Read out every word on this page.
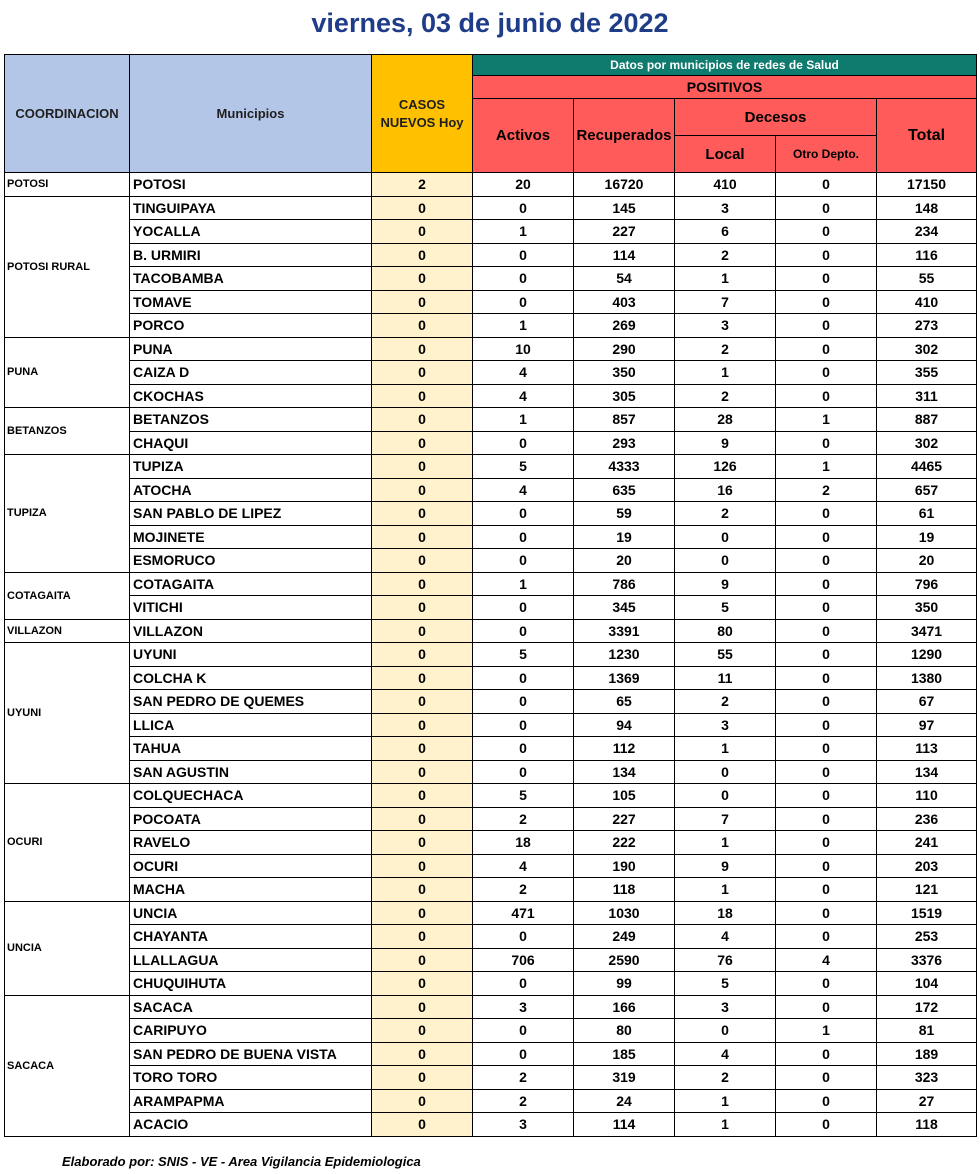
viernes, 03 de junio de 2022
COORDINACION	Municipios	CASOS NUEVOS Hoy	Datos por municipios de redes de Salud				
			POSITIVOS				
			Activos	Recuperados	Decesos		Total
					Local	Otro Depto.	
POTOSI	POTOSI	2	20	16720	410	0	17150
POTOSI RURAL	TINGUIPAYA	0	0	145	3	0	148
	YOCALLA	0	1	227	6	0	234
	B. URMIRI	0	0	114	2	0	116
	TACOBAMBA	0	0	54	1	0	55
	TOMAVE	0	0	403	7	0	410
	PORCO	0	1	269	3	0	273
PUNA	PUNA	0	10	290	2	0	302
	CAIZA D	0	4	350	1	0	355
	CKOCHAS	0	4	305	2	0	311
BETANZOS	BETANZOS	0	1	857	28	1	887
	CHAQUI	0	0	293	9	0	302
TUPIZA	TUPIZA	0	5	4333	126	1	4465
	ATOCHA	0	4	635	16	2	657
	SAN PABLO DE LIPEZ	0	0	59	2	0	61
	MOJINETE	0	0	19	0	0	19
	ESMORUCO	0	0	20	0	0	20
COTAGAITA	COTAGAITA	0	1	786	9	0	796
	VITICHI	0	0	345	5	0	350
VILLAZON	VILLAZON	0	0	3391	80	0	3471
UYUNI	UYUNI	0	5	1230	55	0	1290
	COLCHA K	0	0	1369	11	0	1380
	SAN PEDRO DE QUEMES	0	0	65	2	0	67
	LLICA	0	0	94	3	0	97
	TAHUA	0	0	112	1	0	113
	SAN AGUSTIN	0	0	134	0	0	134
OCURI	COLQUECHACA	0	5	105	0	0	110
	POCOATA	0	2	227	7	0	236
	RAVELO	0	18	222	1	0	241
	OCURI	0	4	190	9	0	203
	MACHA	0	2	118	1	0	121
UNCIA	UNCIA	0	471	1030	18	0	1519
	CHAYANTA	0	0	249	4	0	253
	LLALLAGUA	0	706	2590	76	4	3376
	CHUQUIHUTA	0	0	99	5	0	104
SACACA	SACACA	0	3	166	3	0	172
	CARIPUYO	0	0	80	0	1	81
	SAN PEDRO DE BUENA VISTA	0	0	185	4	0	189
	TORO TORO	0	2	319	2	0	323
	ARAMPAPMA	0	2	24	1	0	27
	ACACIO	0	3	114	1	0	118
Elaborado por: SNIS - VE - Area Vigilancia Epidemiologica
